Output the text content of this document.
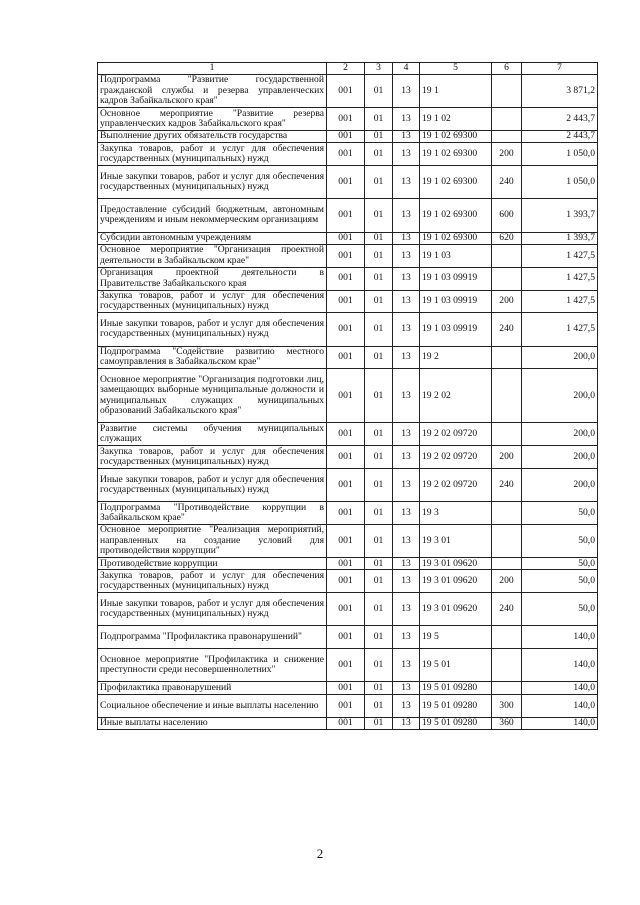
1	2	3	4	5	6	7
Подпрограмма "Развитие государственной гражданской службы и резерва управленческих кадров Забайкальского края"	001	01	13	19 1		3 871,2
Основное мероприятие "Развитие резерва управленческих кадров Забайкальского края"	001	01	13	19 1 02		2 443,7
Выполнение других обязательств государства	001	01	13	19 1 02 69300		2 443,7
Закупка товаров, работ и услуг для обеспечения государственных (муниципальных) нужд	001	01	13	19 1 02 69300	200	1 050,0
Иные закупки товаров, работ и услуг для обеспечения государственных (муниципальных) нужд	001	01	13	19 1 02 69300	240	1 050,0
Предоставление субсидий бюджетным, автономным учреждениям и иным некоммерческим организациям	001	01	13	19 1 02 69300	600	1 393,7
Субсидии автономным учреждениям	001	01	13	19 1 02 69300	620	1 393,7
Основное мероприятие "Организация проектной деятельности в Забайкальском крае"	001	01	13	19 1 03		1 427,5
Организация проектной деятельности в Правительстве Забайкальского края	001	01	13	19 1 03 09919		1 427,5
Закупка товаров, работ и услуг для обеспечения государственных (муниципальных) нужд	001	01	13	19 1 03 09919	200	1 427,5
Иные закупки товаров, работ и услуг для обеспечения государственных (муниципальных) нужд	001	01	13	19 1 03 09919	240	1 427,5
Подпрограмма "Содействие развитию местного самоуправления в Забайкальском крае"	001	01	13	19 2		200,0
Основное мероприятие "Организация подготовки лиц, замещающих выборные муниципальные должности и муниципальных служащих муниципальных образований Забайкальского края"	001	01	13	19 2 02		200,0
Развитие системы обучения муниципальных служащих	001	01	13	19 2 02 09720		200,0
Закупка товаров, работ и услуг для обеспечения государственных (муниципальных) нужд	001	01	13	19 2 02 09720	200	200,0
Иные закупки товаров, работ и услуг для обеспечения государственных (муниципальных) нужд	001	01	13	19 2 02 09720	240	200,0
Подпрограмма "Противодействие коррупции в Забайкальском крае"	001	01	13	19 3		50,0
Основное мероприятие "Реализация мероприятий, направленных на создание условий для противодействия коррупции"	001	01	13	19 3 01		50,0
Противодействие коррупции	001	01	13	19 3 01 09620		50,0
Закупка товаров, работ и услуг для обеспечения государственных (муниципальных) нужд	001	01	13	19 3 01 09620	200	50,0
Иные закупки товаров, работ и услуг для обеспечения государственных (муниципальных) нужд	001	01	13	19 3 01 09620	240	50,0
Подпрограмма "Профилактика правонарушений"	001	01	13	19 5		140,0
Основное мероприятие "Профилактика и снижение преступности среди несовершеннолетних"	001	01	13	19 5 01		140,0
Профилактика правонарушений	001	01	13	19 5 01 09280		140,0
Социальное обеспечение и иные выплаты населению	001	01	13	19 5 01 09280	300	140,0
Иные выплаты населению	001	01	13	19 5 01 09280	360	140,0
2
